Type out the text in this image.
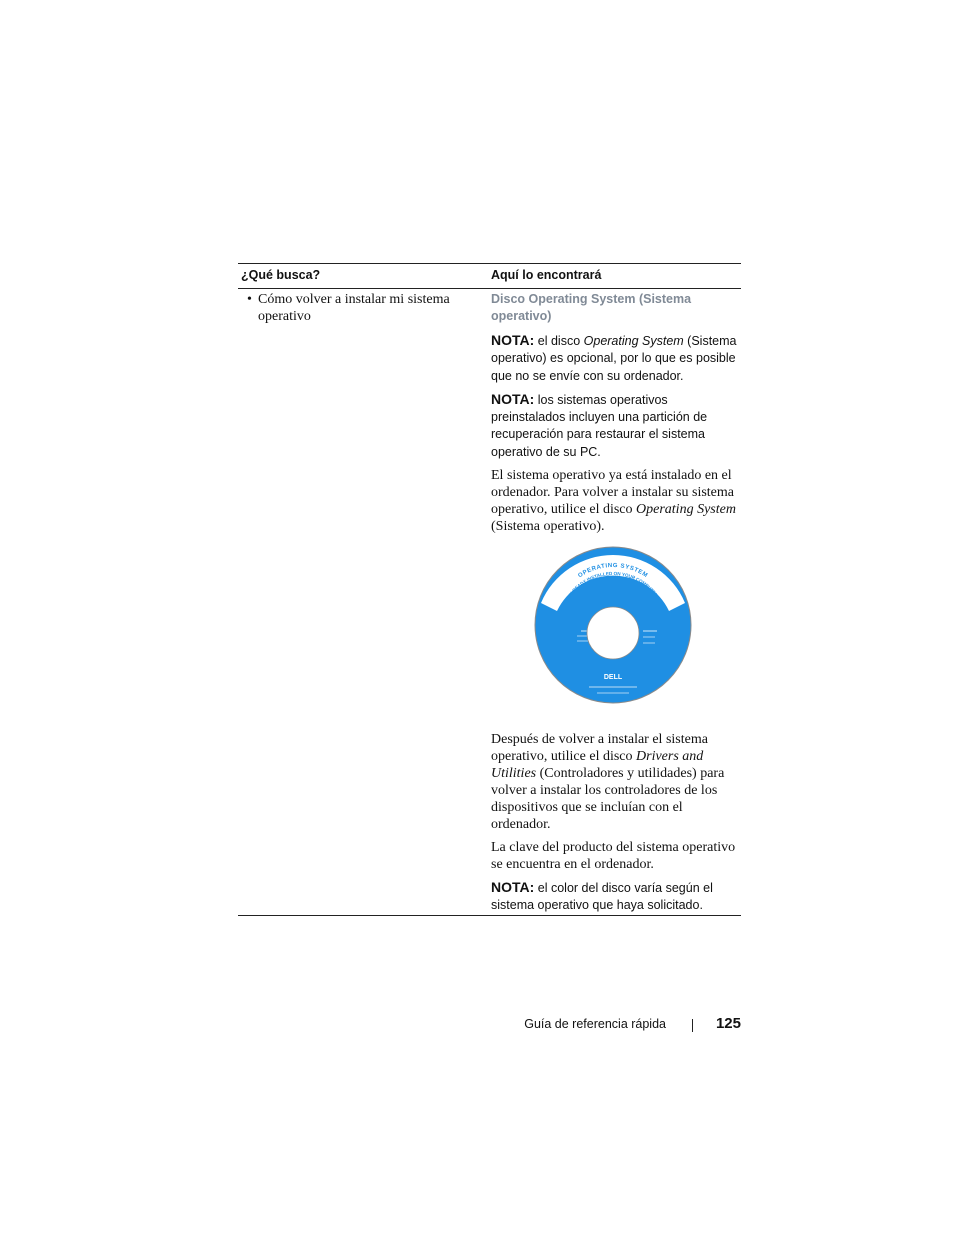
¿Qué busca?	Aquí lo encontrará
• Cómo volver a instalar mi sistema operativo
Disco Operating System (Sistema operativo)
NOTA: el disco Operating System (Sistema operativo) es opcional, por lo que es posible que no se envíe con su ordenador.
NOTA: los sistemas operativos preinstalados incluyen una partición de recuperación para restaurar el sistema operativo de su PC.
El sistema operativo ya está instalado en el ordenador. Para volver a instalar su sistema operativo, utilice el disco Operating System (Sistema operativo).
OPERATING SYSTEM
ALREADY INSTALLED ON YOUR COMPUTER
DELL
Después de volver a instalar el sistema operativo, utilice el disco Drivers and Utilities (Controladores y utilidades) para volver a instalar los controladores de los dispositivos que se incluían con el ordenador.
La clave del producto del sistema operativo se encuentra en el ordenador.
NOTA: el color del disco varía según el sistema operativo que haya solicitado.
Guía de referencia rápida	125
